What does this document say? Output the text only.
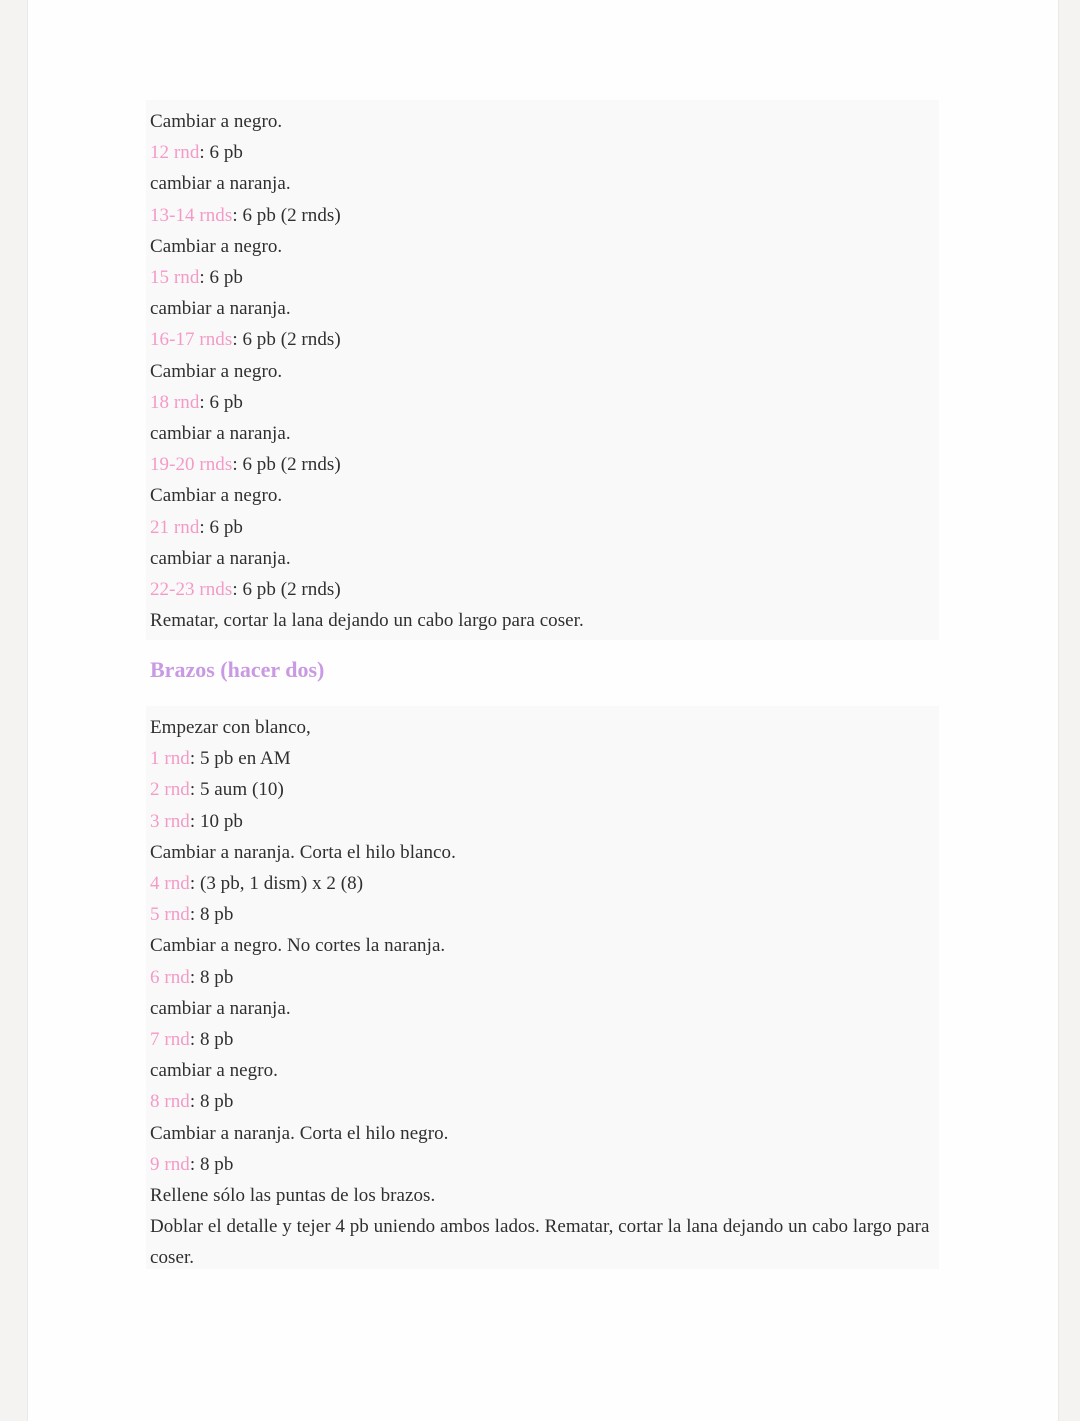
Cambiar a negro.
12 rnd: 6 pb
cambiar a naranja.
13-14 rnds: 6 pb (2 rnds)
Cambiar a negro.
15 rnd: 6 pb
cambiar a naranja.
16-17 rnds: 6 pb (2 rnds)
Cambiar a negro.
18 rnd: 6 pb
cambiar a naranja.
19-20 rnds: 6 pb (2 rnds)
Cambiar a negro.
21 rnd: 6 pb
cambiar a naranja.
22-23 rnds: 6 pb (2 rnds)
Rematar, cortar la lana dejando un cabo largo para coser.
Brazos (hacer dos)
Empezar con blanco,
1 rnd: 5 pb en AM
2 rnd: 5 aum (10)
3 rnd: 10 pb
Cambiar a naranja. Corta el hilo blanco.
4 rnd: (3 pb, 1 dism) x 2 (8)
5 rnd: 8 pb
Cambiar a negro. No cortes la naranja.
6 rnd: 8 pb
cambiar a naranja.
7 rnd: 8 pb
cambiar a negro.
8 rnd: 8 pb
Cambiar a naranja. Corta el hilo negro.
9 rnd: 8 pb
Rellene sólo las puntas de los brazos.
Doblar el detalle y tejer 4 pb uniendo ambos lados. Rematar, cortar la lana dejando un cabo largo para coser.
